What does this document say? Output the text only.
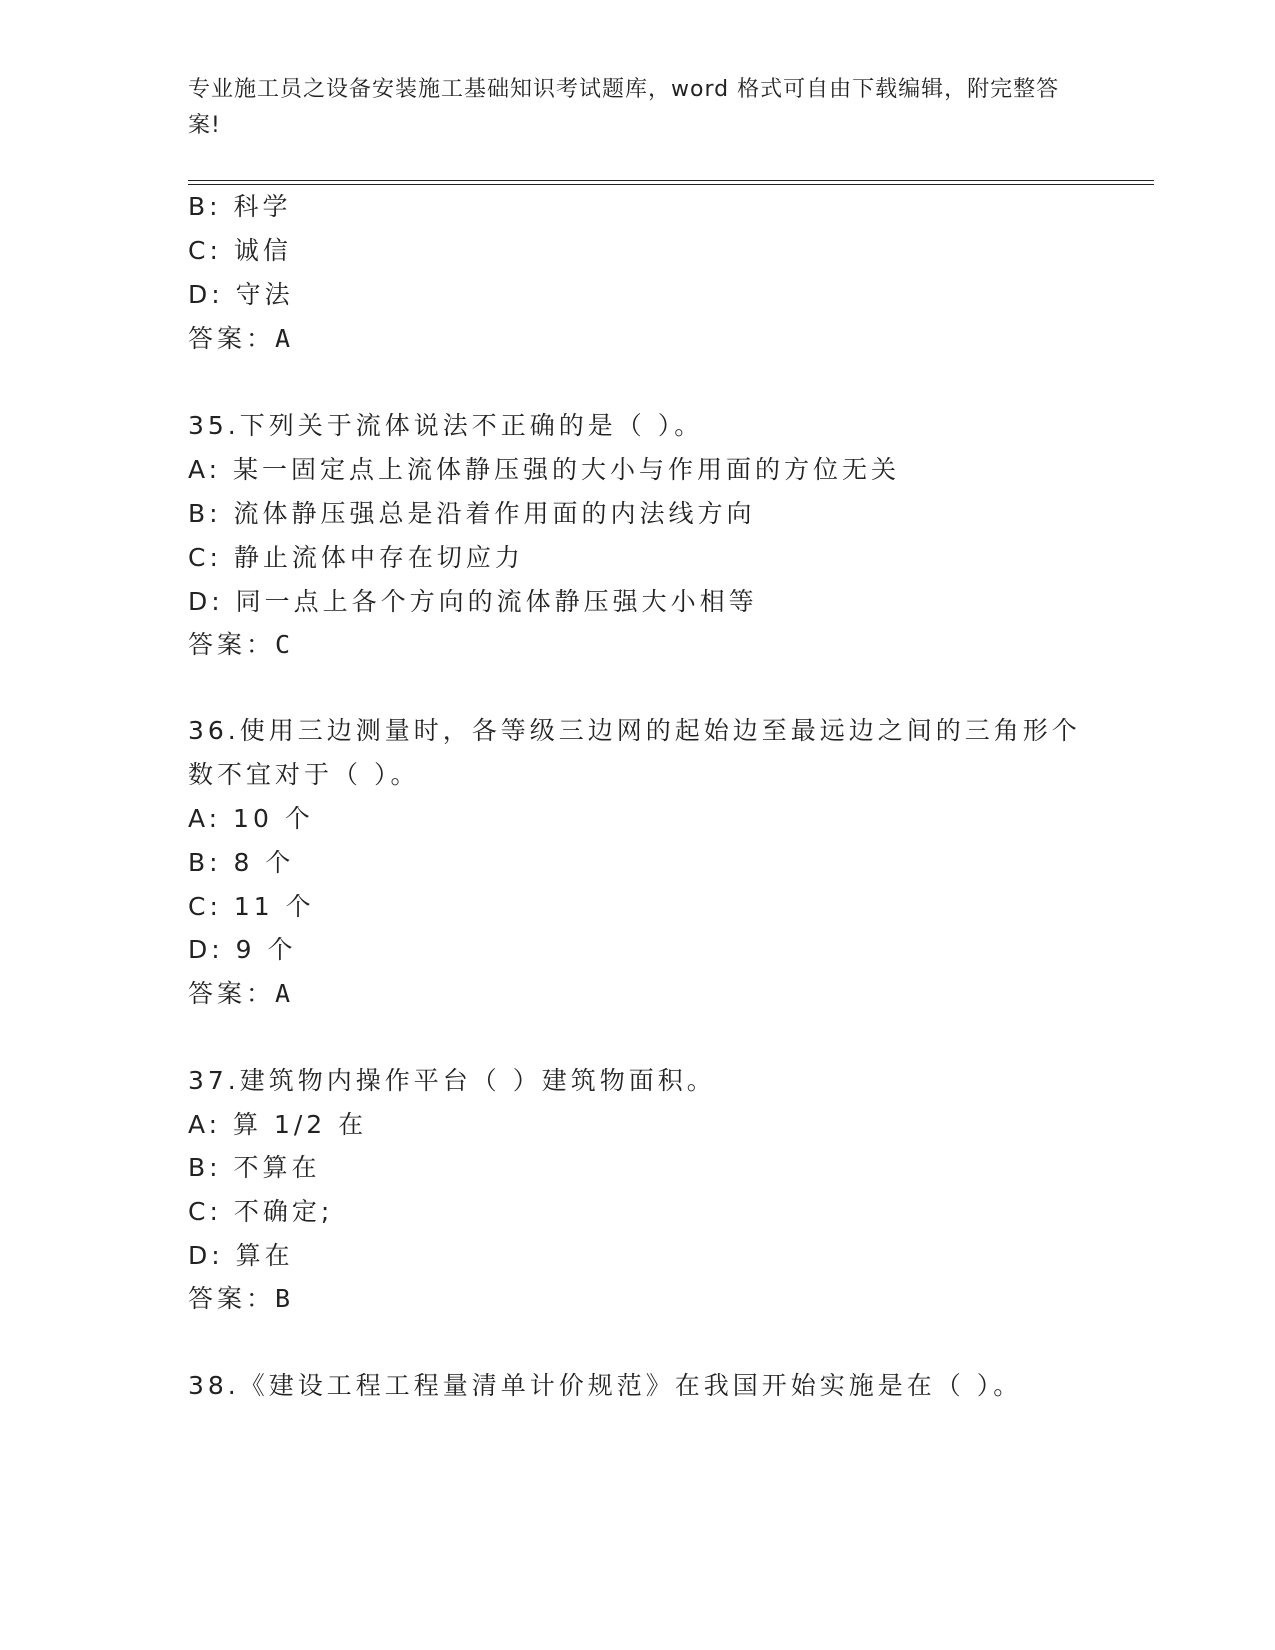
专业施工员之设备安装施工基础知识考试题库，word 格式可自由下载编辑，附完整答案!
B: 科学
C: 诚信
D: 守法
答案：A
35.下列关于流体说法不正确的是（ ）。
A: 某一固定点上流体静压强的大小与作用面的方位无关
B: 流体静压强总是沿着作用面的内法线方向
C: 静止流体中存在切应力
D: 同一点上各个方向的流体静压强大小相等
答案：C
36.使用三边测量时，各等级三边网的起始边至最远边之间的三角形个
数不宜对于（ ）。
A: 10 个
B: 8 个
C: 11 个
D: 9 个
答案：A
37.建筑物内操作平台（ ）建筑物面积。
A: 算 1/2 在
B: 不算在
C: 不确定;
D: 算在
答案：B
38.《建设工程工程量清单计价规范》在我国开始实施是在（ ）。
